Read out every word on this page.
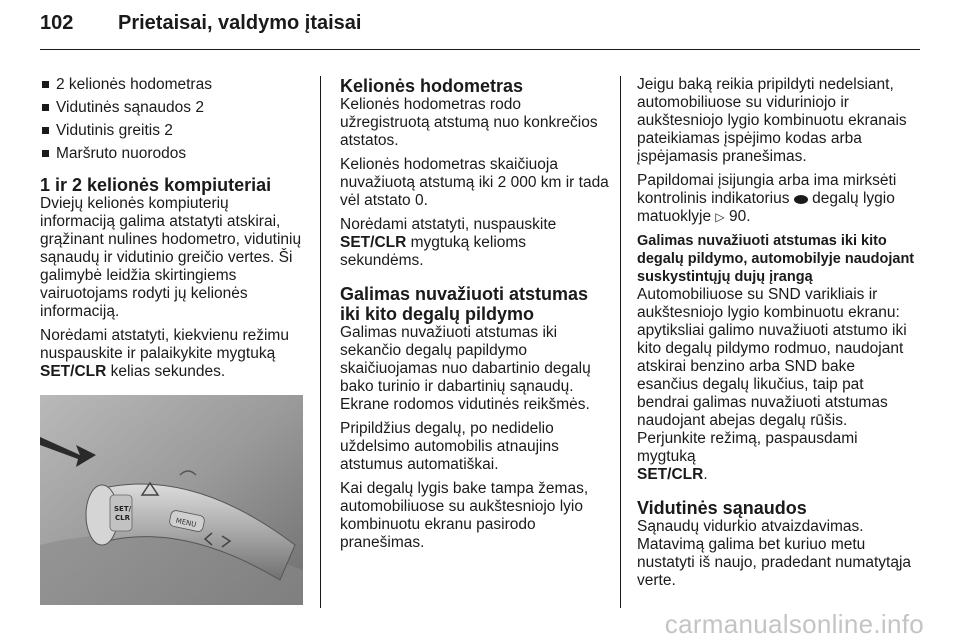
102 Prietaisai, valdymo įtaisai
2 kelionės hodometras
Vidutinės sąnaudos 2
Vidutinis greitis 2
Maršruto nuorodos
1 ir 2 kelionės kompiuteriai

Dviejų kelionės kompiuterių informaciją galima atstatyti atskirai, grąžinant nulines hodometro, vidutinių sąnaudų ir vidutinio greičio vertes. Ši galimybė leidžia skirtingiems vairuotojams rodyti jų kelionės informaciją.

Norėdami atstatyti, kiekvienu režimu nuspauskite ir palaikykite mygtuką
SET/CLR kelias sekundes.

SET/
CLR	MENU
Kelionės hodometras

Kelionės hodometras rodo užregistruotą atstumą nuo konkrečios atstatos.

Kelionės hodometras skaičiuoja nuvažiuotą atstumą iki 2 000 km ir tada vėl atstato 0.

Norėdami atstatyti, nuspauskite
SET/CLR mygtuką kelioms sekundėms.

Galimas nuvažiuoti atstumas iki kito degalų pildymo

Galimas nuvažiuoti atstumas iki sekančio degalų papildymo skaičiuojamas nuo dabartinio degalų bako turinio ir dabartinių sąnaudų. Ekrane rodomos vidutinės reikšmės.

Pripildžius degalų, po nedidelio uždelsimo automobilis atnaujins atstumus automatiškai.

Kai degalų lygis bake tampa žemas, automobiliuose su aukštesniojo lyio kombinuotu ekranu pasirodo pranešimas.

Jeigu baką reikia pripildyti nedelsiant, automobiliuose su viduriniojo ir aukštesniojo lygio kombinuotu ekranais pateikiamas įspėjimo kodas arba įspėjamasis pranešimas.

Papildomai įsijungia arba ima mirksėti kontrolinis indikatorius  degalų lygio matuoklyje ▷ 90.

Galimas nuvažiuoti atstumas iki kito degalų pildymo, automobilyje naudojant suskystintųjų dujų įrangą

Automobiliuose su SND varikliais ir aukštesniojo lygio kombinuotu ekranu: apytiksliai galimo nuvažiuoti atstumo iki kito degalų pildymo rodmuo, naudojant atskirai benzino arba SND bake esančius degalų likučius, taip pat bendrai galimas nuvažiuoti atstumas naudojant abejas degalų rūšis. Perjunkite režimą, paspausdami mygtuką
SET/CLR.

Vidutinės sąnaudos

Sąnaudų vidurkio atvaizdavimas. Matavimą galima bet kuriuo metu nustatyti iš naujo, pradedant numatytąja verte.

carmanualsonline.info
